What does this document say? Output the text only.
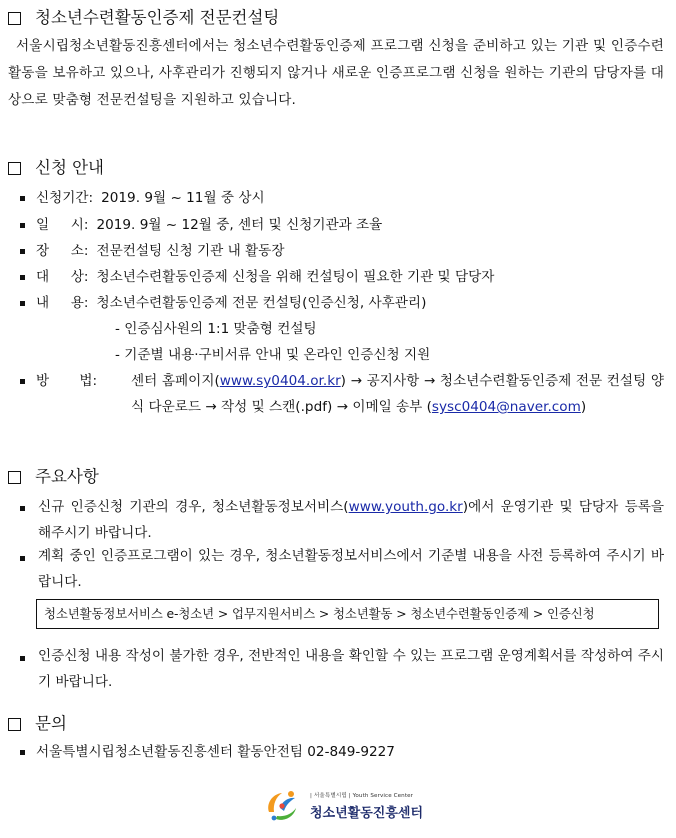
청소년수련활동인증제 전문컨설팅
서울시립청소년활동진흥센터에서는 청소년수련활동인증제 프로그램 신청을 준비하고 있는 기관 및 인증수련활동을 보유하고 있으나, 사후관리가 진행되지 않거나 새로운 인증프로그램 신청을 원하는 기관의 담당자를 대상으로 맞춤형 전문컨설팅을 지원하고 있습니다.
신청 안내
신청기간: 2019. 9월 ~ 11월 중 상시
일     시: 2019. 9월 ~ 12월 중, 센터 및 신청기관과 조율
장     소: 전문컨설팅 신청 기관 내 활동장
대     상: 청소년수련활동인증제 신청을 위해 컨설팅이 필요한 기관 및 담당자
내     용: 청소년수련활동인증제 전문 컨설팅(인증신청, 사후관리)
- 인증심사원의 1:1 맞춤형 컨설팅
- 기준별 내용·구비서류 안내 및 온라인 인증신청 지원
방       법: 센터 홈페이지(www.sy0404.or.kr) → 공지사항 → 청소년수련활동인증제 전문 컨설팅 양식 다운로드 → 작성 및 스캔(.pdf) → 이메일 송부 (sysc0404@naver.com)
주요사항
신규 인증신청 기관의 경우, 청소년활동정보서비스(www.youth.go.kr)에서 운영기관 및 담당자 등록을 해주시기 바랍니다.
계획 중인 인증프로그램이 있는 경우, 청소년활동정보서비스에서 기준별 내용을 사전 등록하여 주시기 바랍니다.
청소년활동정보서비스 e-청소년 > 업무지원서비스 > 청소년활동 > 청소년수련활동인증제 > 인증신청
인증신청 내용 작성이 불가한 경우, 전반적인 내용을 확인할 수 있는 프로그램 운영계획서를 작성하여 주시기 바랍니다.
문의
서울특별시립청소년활동진흥센터 활동안전팀 02-849-9227
| 서울특별시립 | Youth Service Center
청소년활동진흥센터
